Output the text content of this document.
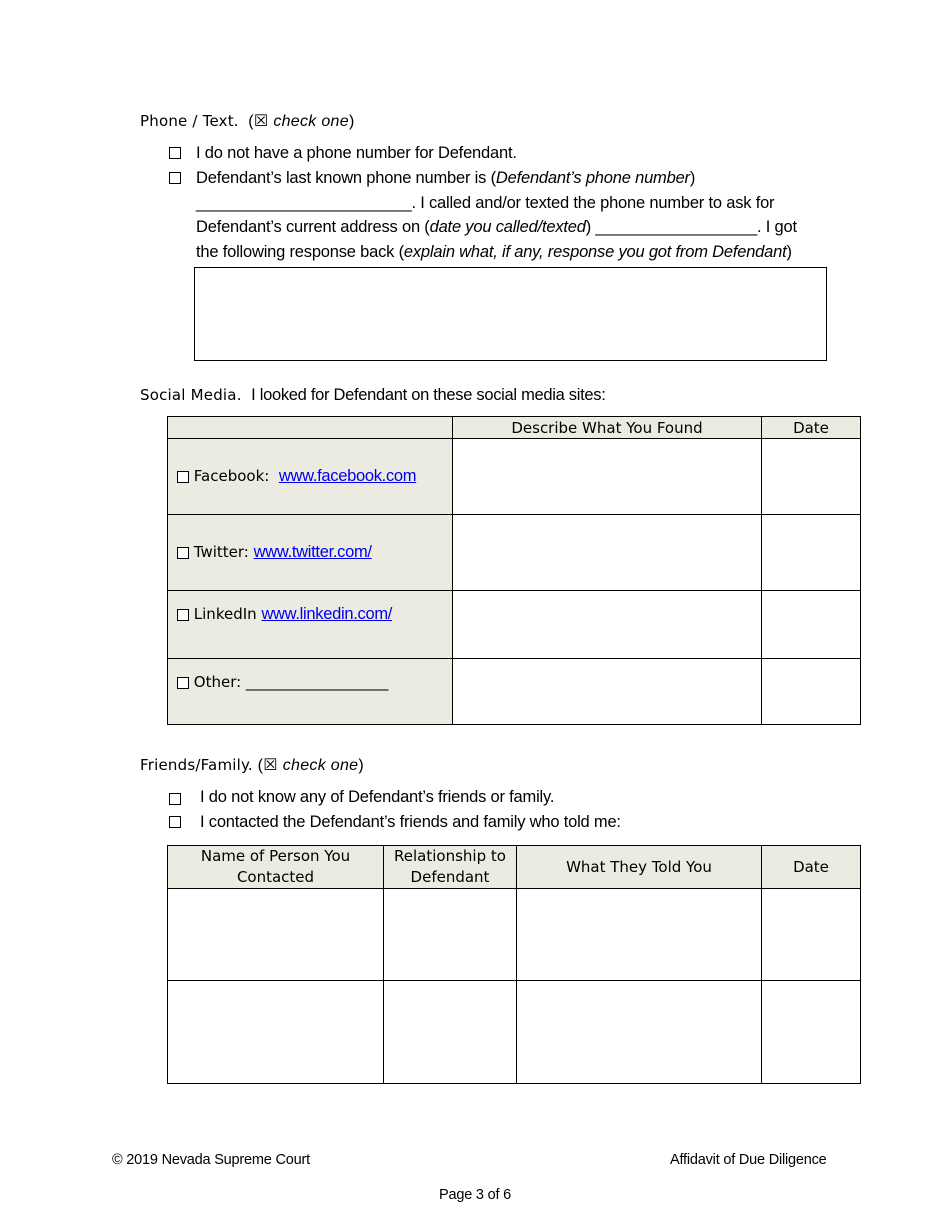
Phone / Text. (☒ check one)
I do not have a phone number for Defendant.
Defendant’s last known phone number is (Defendant’s phone number)
________________________. I called and/or texted the phone number to ask for
Defendant’s current address on (date you called/texted) __________________. I got
the following response back (explain what, if any, response you got from Defendant)
Social Media. I looked for Defendant on these social media sites:
	Describe What You Found	Date
Facebook: www.facebook.com		
Twitter: www.twitter.com/		
LinkedIn www.linkedin.com/		
Other: ___________________		
Friends/Family. (☒ check one)
I do not know any of Defendant’s friends or family.
I contacted the Defendant’s friends and family who told me:
Name of Person You Contacted	Relationship to Defendant	What They Told You	Date

© 2019 Nevada Supreme Court	Affidavit of Due Diligence
Page 3 of 6
